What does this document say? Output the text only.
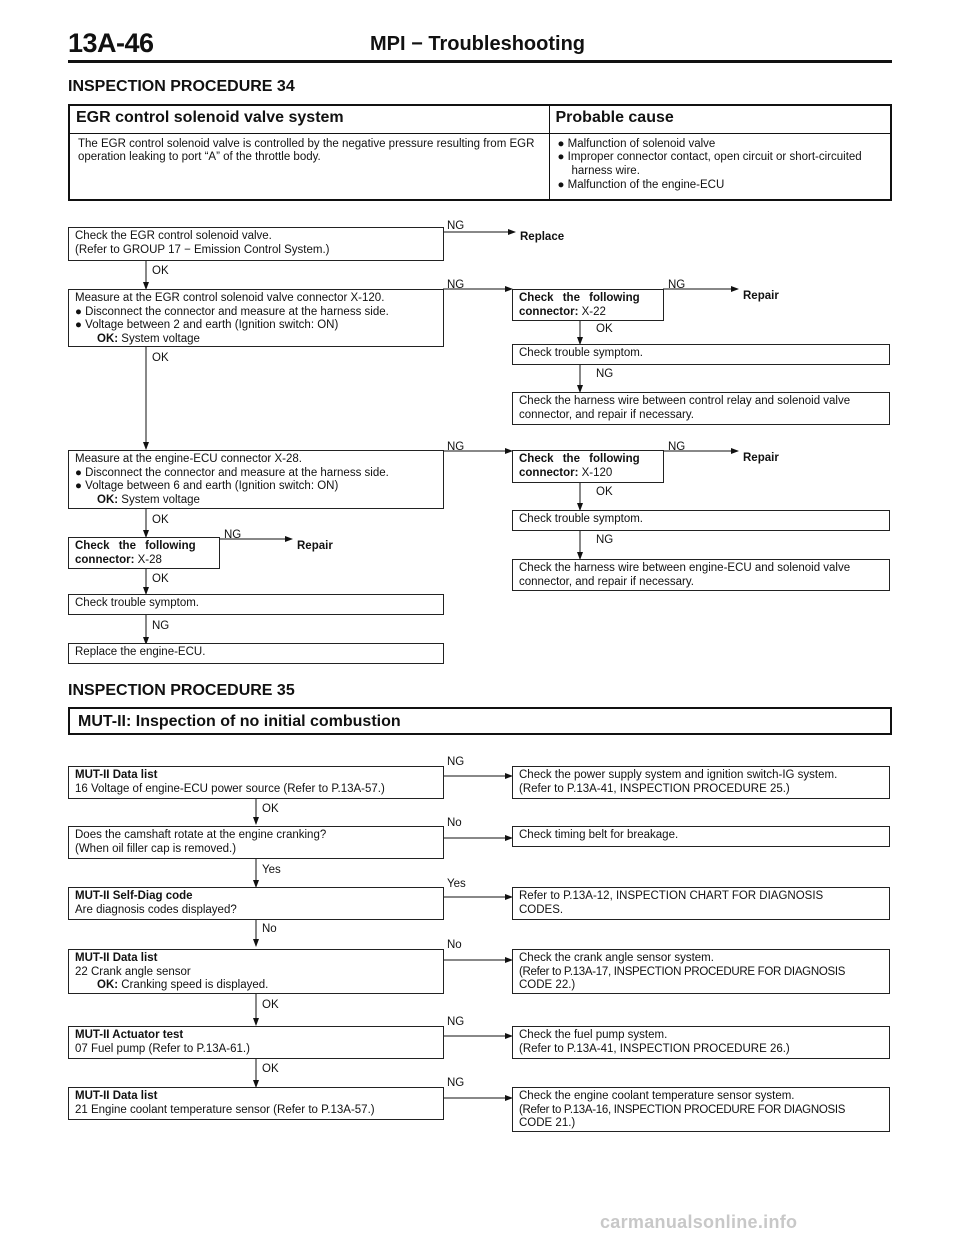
13A-46	MPI − Troubleshooting
INSPECTION PROCEDURE 34
EGR control solenoid valve system	Probable cause
The EGR control solenoid valve is controlled by the negative pressure resulting from EGR operation leaking to port “A” of the throttle body.	● Malfunction of solenoid valve
● Improper connector contact, open circuit or short-circuited harness wire.
● Malfunction of the engine-ECU
Check the EGR control solenoid valve.
(Refer to GROUP 17 − Emission Control System.)
NG
Replace
OK
Measure at the EGR control solenoid valve connector X-120.
● Disconnect the connector and measure at the harness side.
● Voltage between 2 and earth (Ignition switch: ON)
OK: System voltage
NG
OK
Check the following
connector: X-22
NG
Repair
OK
Check trouble symptom.
NG
Check the harness wire between control relay and solenoid valve
connector, and repair if necessary.
Measure at the engine-ECU connector X-28.
● Disconnect the connector and measure at the harness side.
● Voltage between 6 and earth (Ignition switch: ON)
OK: System voltage
NG
Check the following
connector: X-120
NG
Repair
OK
Check trouble symptom.
NG
Check the harness wire between engine-ECU and solenoid valve
connector, and repair if necessary.
OK
Check the following
connector: X-28
NG
Repair
OK
Check trouble symptom.
NG
Replace the engine-ECU.
INSPECTION PROCEDURE 35
MUT-II: Inspection of no initial combustion
MUT-II Data list
16 Voltage of engine-ECU power source (Refer to P.13A-57.)
NG
Check the power supply system and ignition switch-IG system.
(Refer to P.13A-41, INSPECTION PROCEDURE 25.)
OK
Does the camshaft rotate at the engine cranking?
(When oil filler cap is removed.)
No
Check timing belt for breakage.
Yes
MUT-II Self-Diag code
Are diagnosis codes displayed?
Yes
Refer to P.13A-12, INSPECTION CHART FOR DIAGNOSIS
CODES.
No
MUT-II Data list
22 Crank angle sensor
OK: Cranking speed is displayed.
No
Check the crank angle sensor system.
(Refer to P.13A-17, INSPECTION PROCEDURE FOR DIAGNOSIS
CODE 22.)
OK
MUT-II Actuator test
07 Fuel pump (Refer to P.13A-61.)
NG
Check the fuel pump system.
(Refer to P.13A-41, INSPECTION PROCEDURE 26.)
OK
MUT-II Data list
21 Engine coolant temperature sensor (Refer to P.13A-57.)
NG
Check the engine coolant temperature sensor system.
(Refer to P.13A-16, INSPECTION PROCEDURE FOR DIAGNOSIS
CODE 21.)
carmanualsonline.info
